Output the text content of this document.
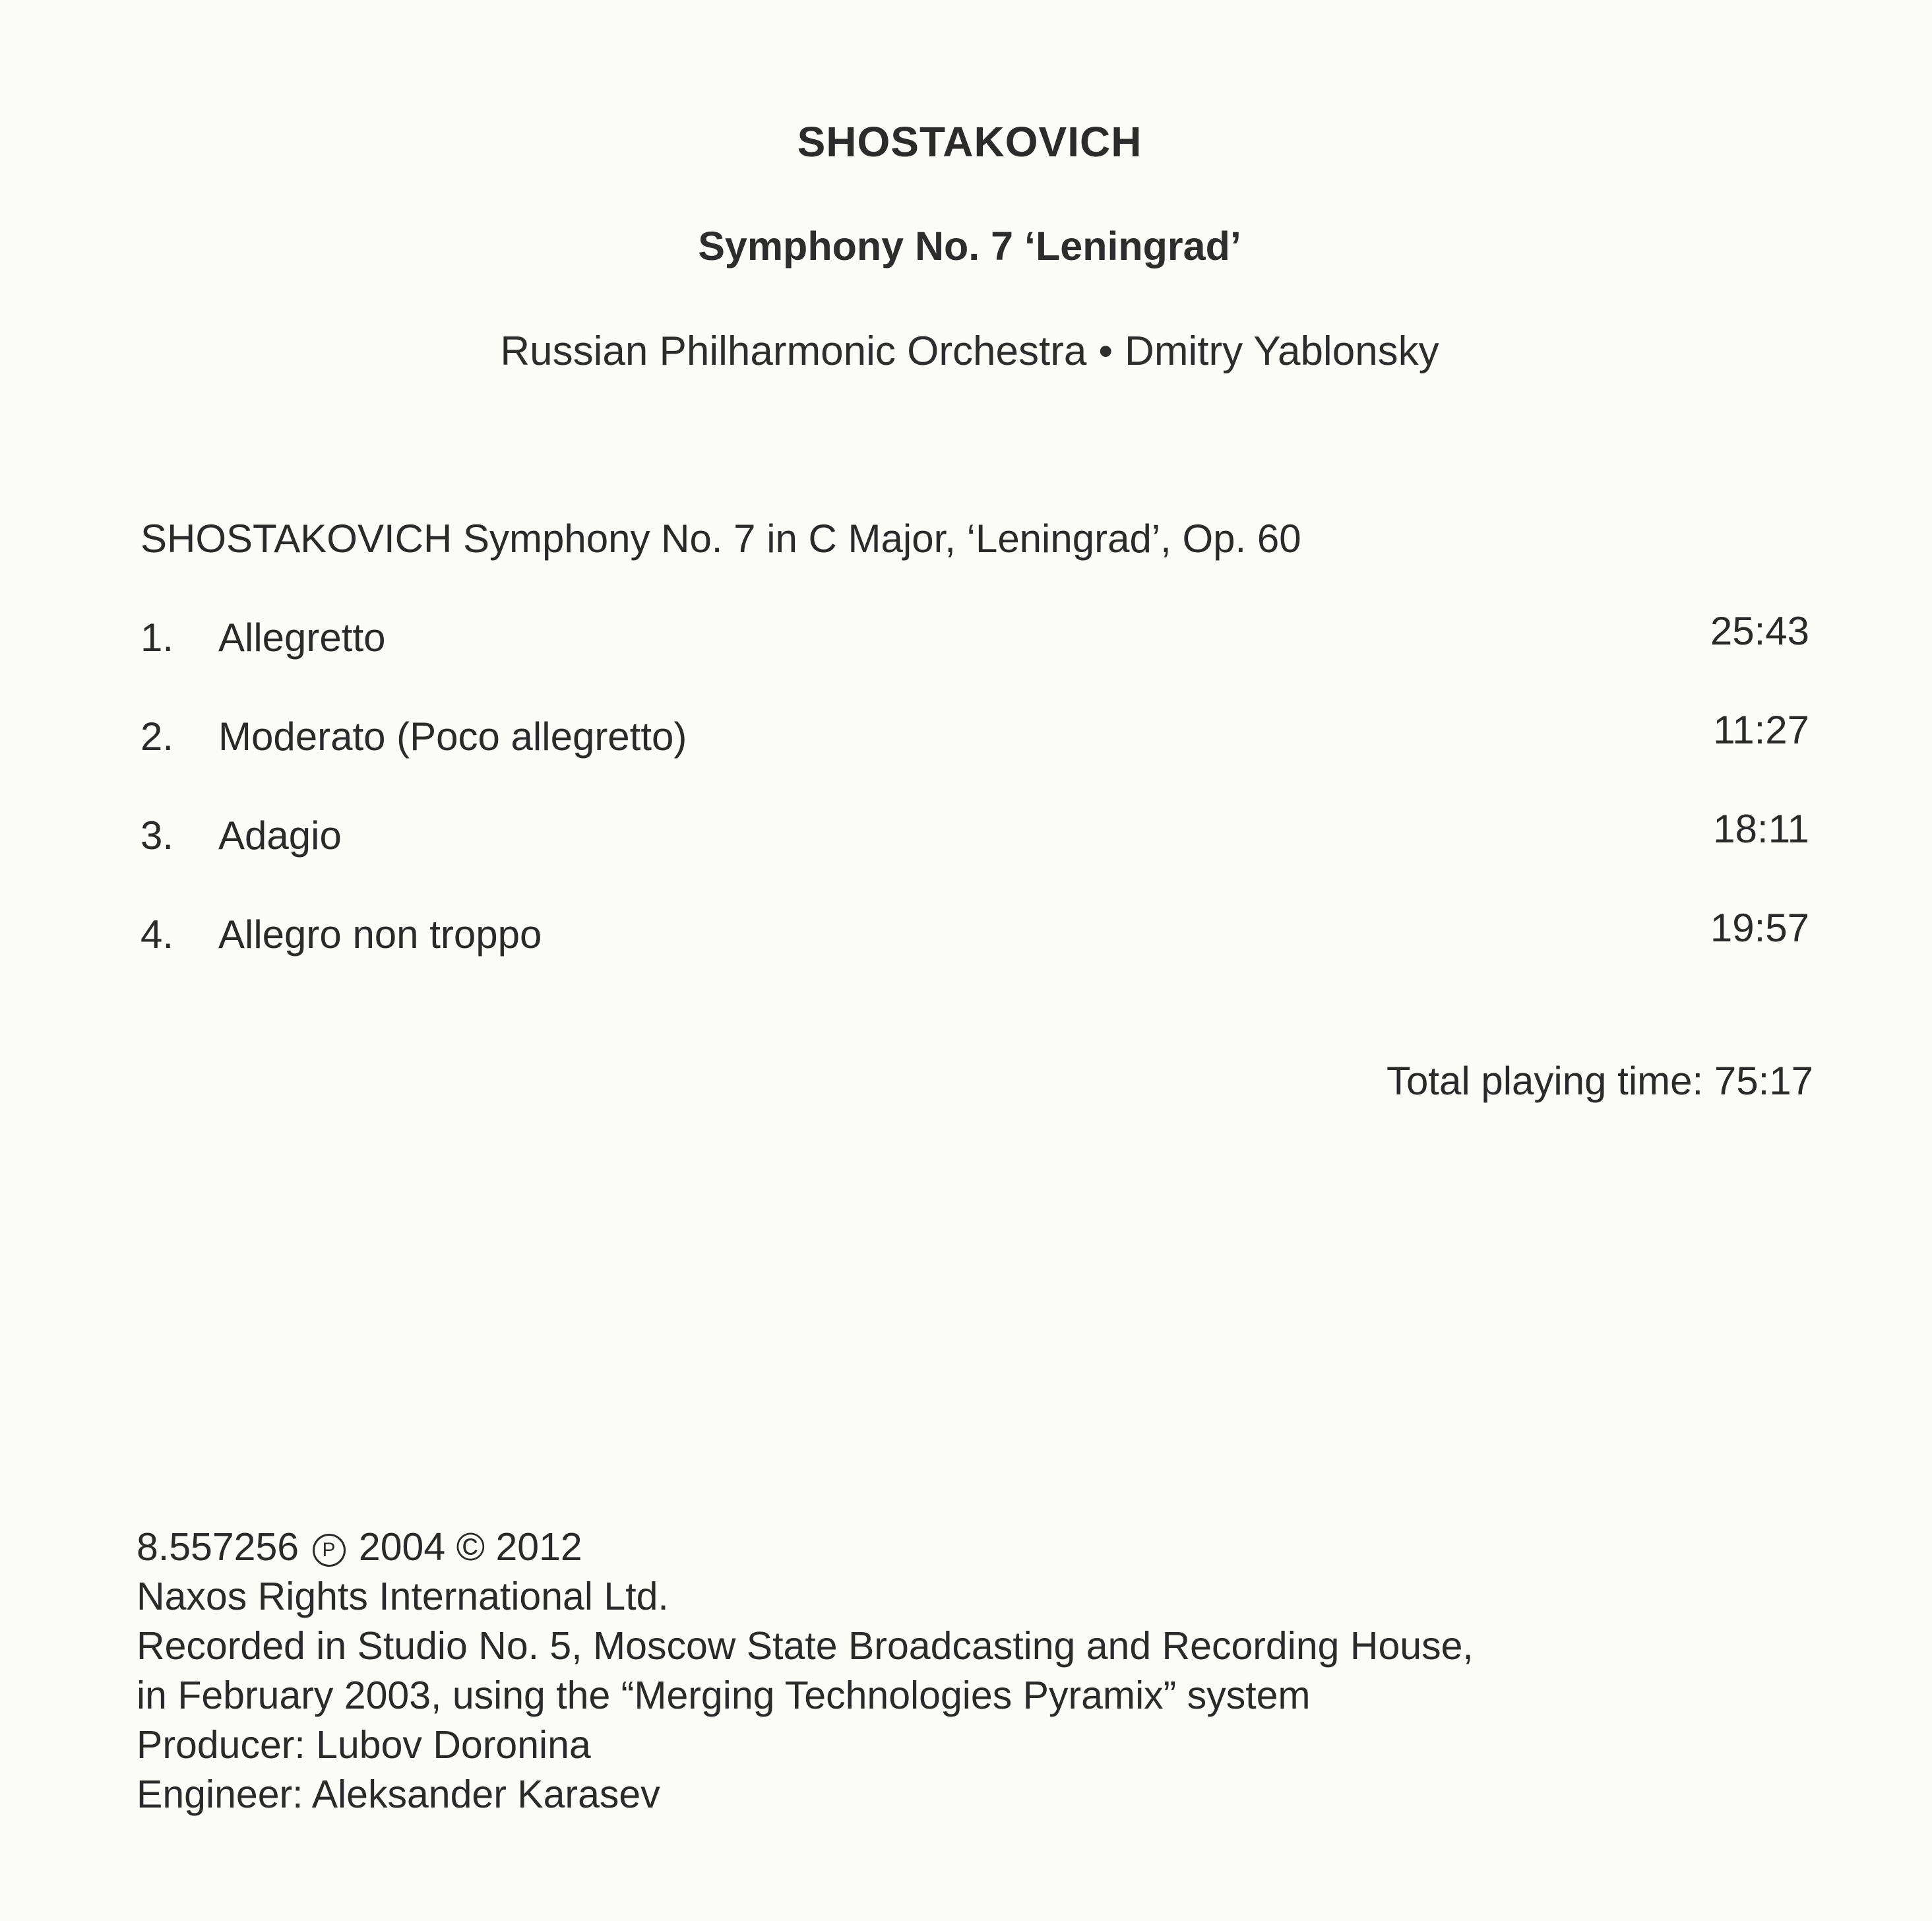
SHOSTAKOVICH
Symphony No. 7 ‘Leningrad’
Russian Philharmonic Orchestra • Dmitry Yablonsky
SHOSTAKOVICH Symphony No. 7 in C Major, ‘Leningrad’, Op. 60
1. Allegretto	25:43
2. Moderato (Poco allegretto)	11:27
3. Adagio	18:11
4. Allegro non troppo	19:57
Total playing time: 75:17
8.557256 P 2004 © 2012
Naxos Rights International Ltd.
Recorded in Studio No. 5, Moscow State Broadcasting and Recording House,
in February 2003, using the “Merging Technologies Pyramix” system
Producer: Lubov Doronina
Engineer: Aleksander Karasev
